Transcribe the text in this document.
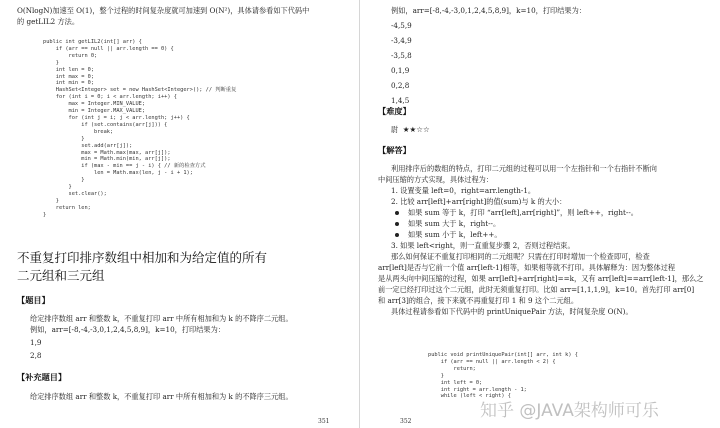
O(NlogN)加速至 O(1)，整个过程的时间复杂度就可加速到 O(N²)，具体请参看如下代码中

的 getLIL2 方法。

public int getLIL2(int[] arr) {
if (arr == null || arr.length == 0) {
return 0;
}
int len = 0;
int max = 0;
int min = 0;
HashSet<Integer> set = new HashSet<Integer>(); // 判断重复
for (int i = 0; i < arr.length; i++) {
max = Integer.MIN_VALUE;
min = Integer.MAX_VALUE;
for (int j = i; j < arr.length; j++) {
if (set.contains(arr[j])) {
break;
}
set.add(arr[j]);
max = Math.max(max, arr[j]);
min = Math.min(min, arr[j]);
if (max - min == j - i) { // 新的检查方式
len = Math.max(len, j - i + 1);
}
}
set.clear();
}
return len;
}

不重复打印排序数组中相加和为给定值的所有

二元组和三元组

【题目】

给定排序数组 arr 和整数 k，不重复打印 arr 中所有相加和为 k 的不降序二元组。

例如，arr=[-8,-4,-3,0,1,2,4,5,8,9]，k=10，打印结果为：

1,9

2,8

【补充题目】

给定排序数组 arr 和整数 k，不重复打印 arr 中所有相加和为 k 的不降序三元组。

351

例如，arr=[-8,-4,-3,0,1,2,4,5,8,9]，k=10，打印结果为：

-4,5,9

-3,4,9

-3,5,8

0,1,9

0,2,8

1,4,5

【难度】

尉 ★★☆☆

【解答】

利用排序后的数组的特点，打印二元组的过程可以用一个左指针和一个右指针不断向

中间压缩的方式实现，具体过程为：

1. 设置变量 left=0，right=arr.length-1。

2. 比较 arr[left]+arr[right]的值(sum)与 k 的大小：

如果 sum 等于 k，打印 “arr[left],arr[right]”，则 left++，right--。

如果 sum 大于 k，right--。

如果 sum 小于 k，left++。

3. 如果 left<right，则一直重复步骤 2，否则过程结束。

那么如何保证不重复打印相同的二元组呢？只需在打印时增加一个检查即可，检查

arr[left]是否与它前一个值 arr[left-1]相等，如果相等就不打印。具体解释为：因为整体过程

是从两头向中间压缩的过程，如果 arr[left]+arr[right]==k，又有 arr[left]==arr[left-1]，那么之

前一定已经打印过这个二元组，此时无须重复打印。比如 arr=[1,1,1,9]，k=10。首先打印 arr[0]

和 arr[3]的组合，接下来就不再重复打印 1 和 9 这个二元组。

具体过程请参看如下代码中的 printUniquePair 方法，时间复杂度 O(N)。

public void printUniquePair(int[] arr, int k) {
if (arr == null || arr.length < 2) {
return;
}
int left = 0;
int right = arr.length - 1;
while (left < right) {
352
知乎 @JAVA架构师可乐
